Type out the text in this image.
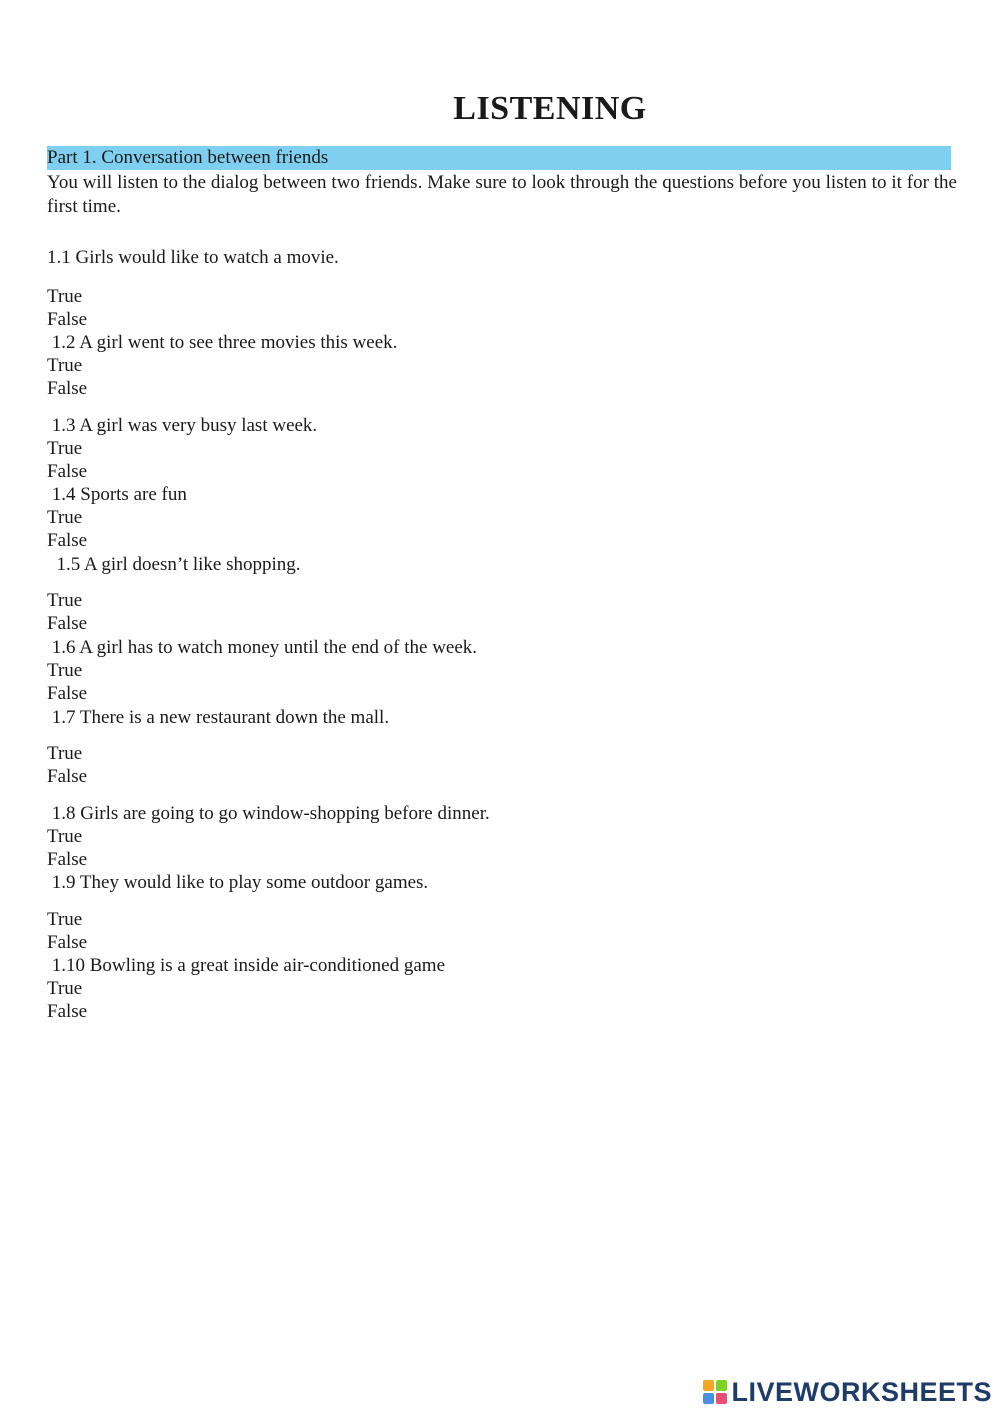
LISTENING
Part 1. Conversation between friends
You will listen to the dialog between two friends. Make sure to look through the questions before you listen to it for the first time.
1.1 Girls would like to watch a movie.
True
False
1.2 A girl went to see three movies this week.
True
False
1.3 A girl was very busy last week.
True
False
1.4 Sports are fun
True
False
1.5 A girl doesn’t like shopping.
True
False
1.6 A girl has to watch money until the end of the week.
True
False
1.7 There is a new restaurant down the mall.
True
False
1.8 Girls are going to go window-shopping before dinner.
True
False
1.9 They would like to play some outdoor games.
True
False
1.10 Bowling is a great inside air-conditioned game
True
False
LIVEWORKSHEETS
